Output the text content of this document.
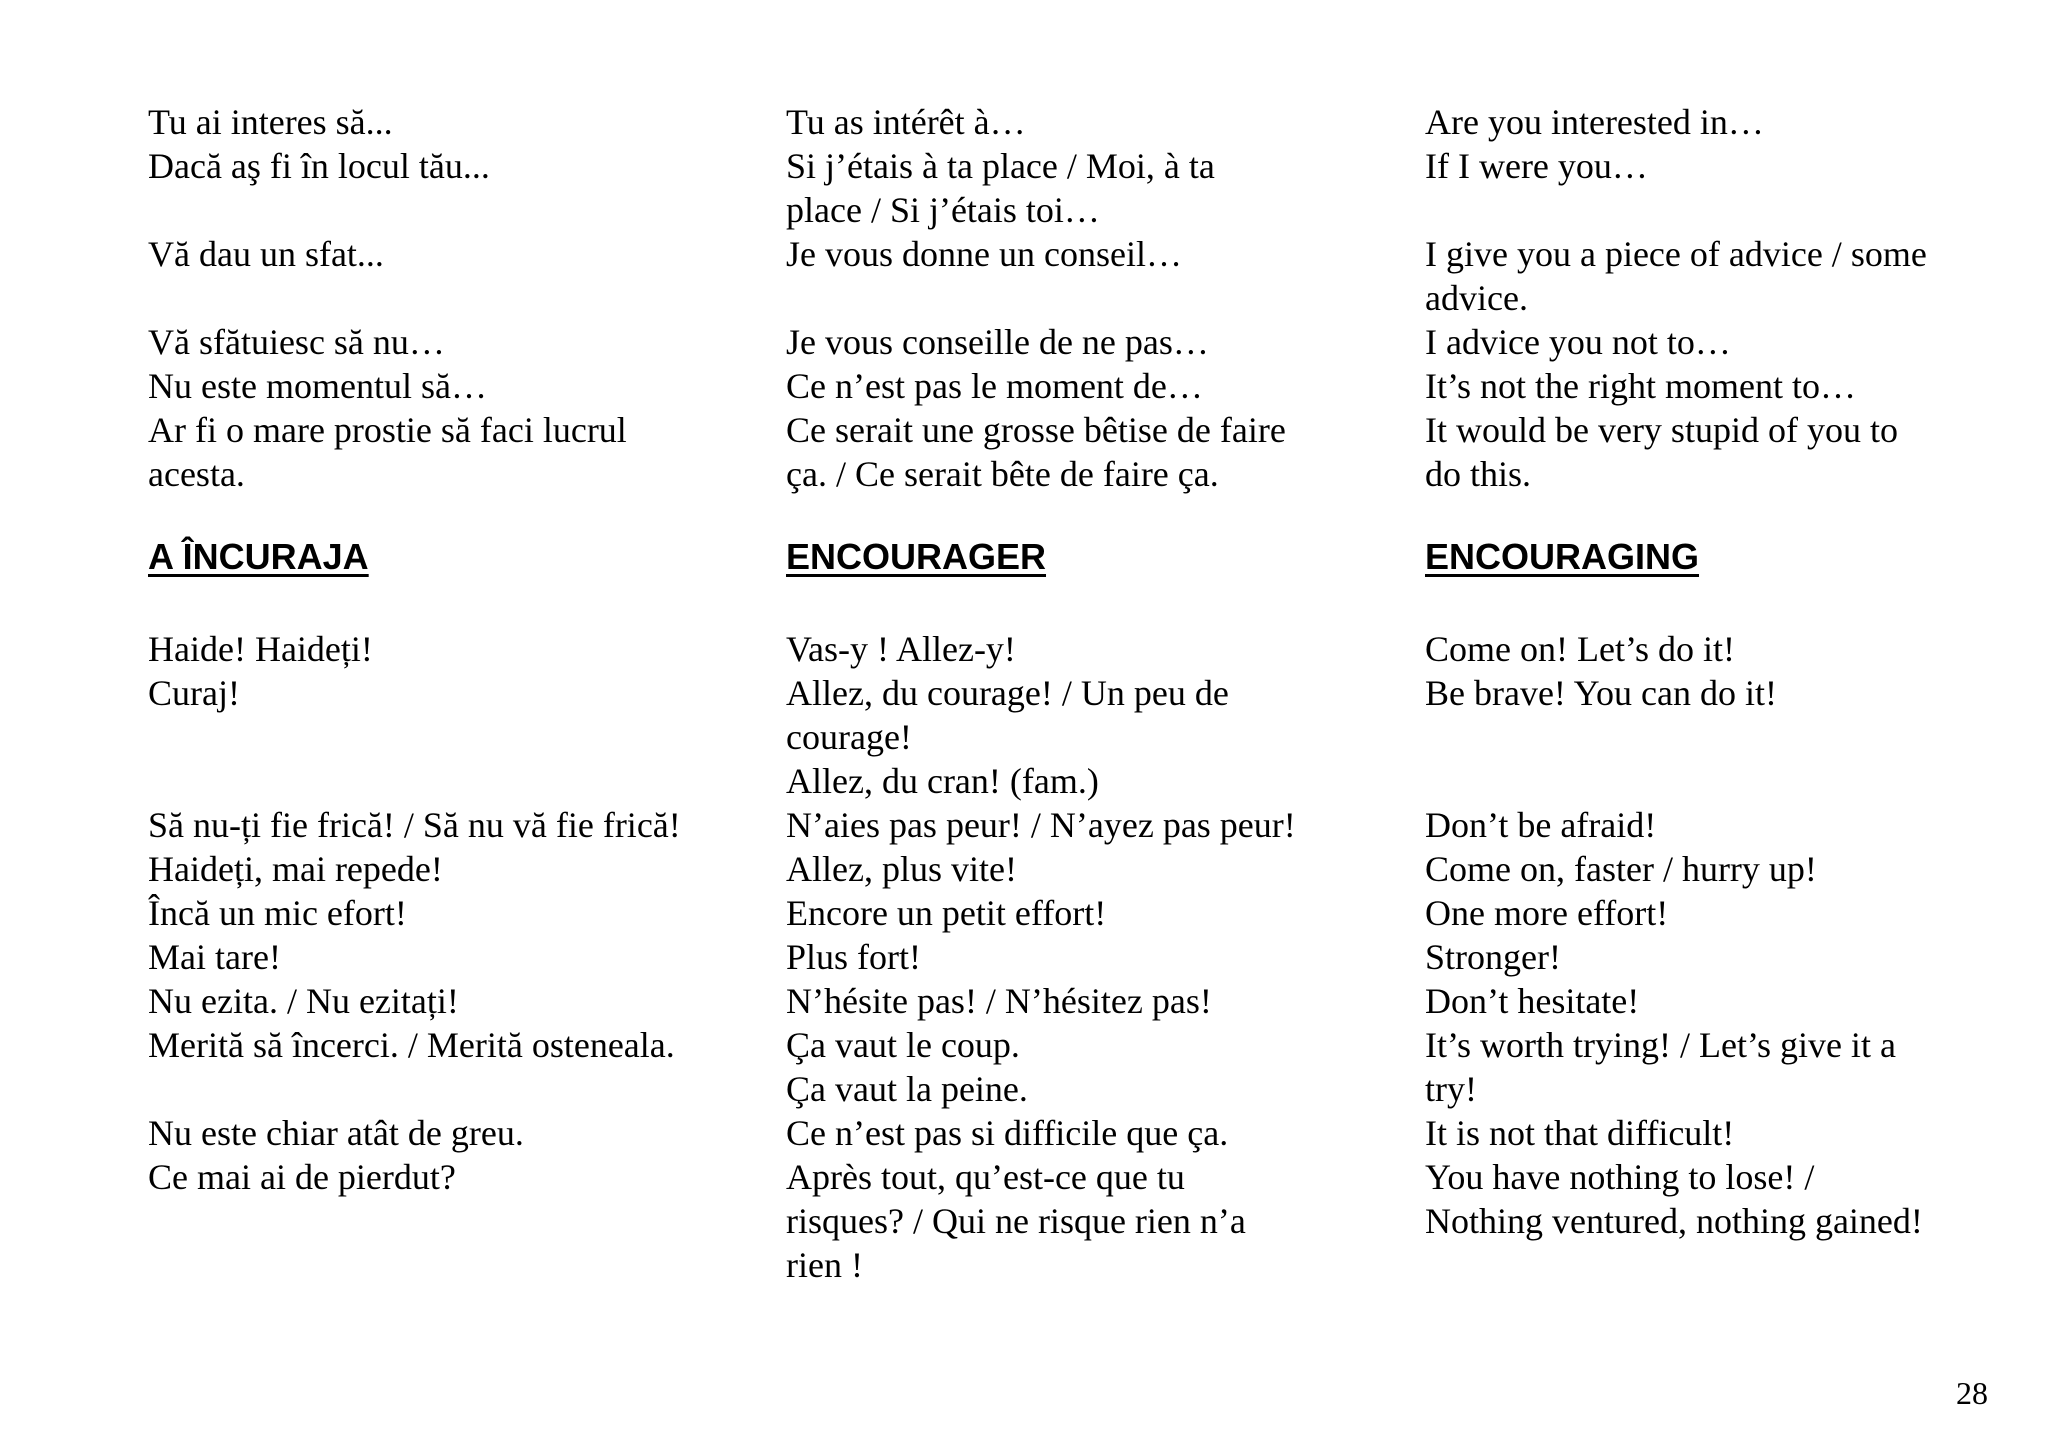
Tu ai interes să...
Dacă aş fi în locul tău...
Vă dau un sfat...
Vă sfătuiesc să nu…
Nu este momentul să…
Ar fi o mare prostie să faci lucrul
acesta.
A ÎNCURAJA
Haide! Haideți!
Curaj!
Să nu-ți fie frică! / Să nu vă fie frică!
Haideți, mai repede!
Încă un mic efort!
Mai tare!
Nu ezita. / Nu ezitați!
Merită să încerci. / Merită osteneala.
Nu este chiar atât de greu.
Ce mai ai de pierdut?
Tu as intérêt à…
Si j’étais à ta place / Moi, à ta
place / Si j’étais toi…
Je vous donne un conseil…
Je vous conseille de ne pas…
Ce n’est pas le moment de…
Ce serait une grosse bêtise de faire
ça. / Ce serait bête de faire ça.
ENCOURAGER
Vas-y ! Allez-y!
Allez, du courage! / Un peu de
courage!
Allez, du cran! (fam.)
N’aies pas peur! / N’ayez pas peur!
Allez, plus vite!
Encore un petit effort!
Plus fort!
N’hésite pas! / N’hésitez pas!
Ça vaut le coup.
Ça vaut la peine.
Ce n’est pas si difficile que ça.
Après tout, qu’est-ce que tu
risques? / Qui ne risque rien n’a
rien !
Are you interested in…
If I were you…
I give you a piece of advice / some
advice.
I advice you not to…
It’s not the right moment to…
It would be very stupid of you to
do this.
ENCOURAGING
Come on! Let’s do it!
Be brave! You can do it!
Don’t be afraid!
Come on, faster / hurry up!
One more effort!
Stronger!
Don’t hesitate!
It’s worth trying! / Let’s give it a
try!
It is not that difficult!
You have nothing to lose! /
Nothing ventured, nothing gained!
28
